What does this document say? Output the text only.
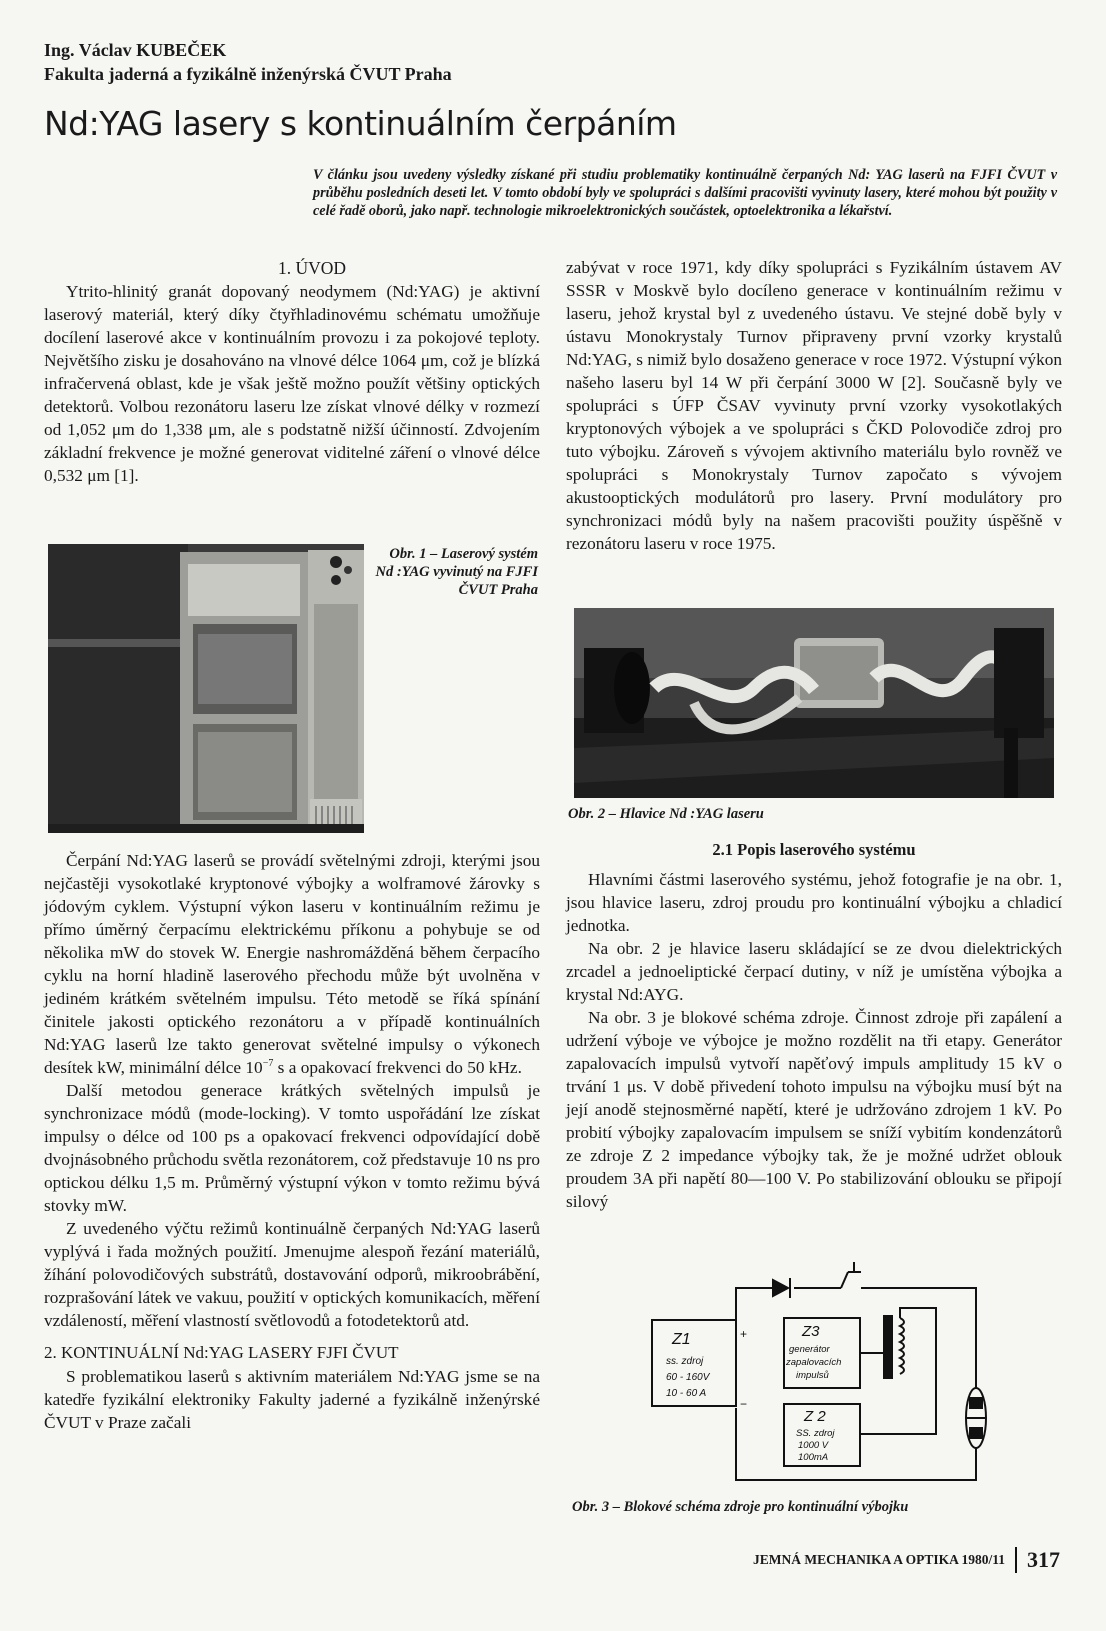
Ing. Václav KUBEČEK
Fakulta jaderná a fyzikálně inženýrská ČVUT Praha
Nd:YAG lasery s kontinuálním čerpáním

V článku jsou uvedeny výsledky získané při studiu problematiky kontinuálně čerpaných Nd: YAG laserů na FJFI ČVUT v průběhu posledních deseti let. V tomto období byly ve spolupráci s dalšími pracovišti vyvinuty lasery, které mohou být použity v celé řadě oborů, jako např. technologie mikroelektronických součástek, optoelektronika a lékařství.

1. ÚVOD

Ytrito-hlinitý granát dopovaný neodymem (Nd:YAG) je aktivní laserový materiál, který díky čtyřhladinovému schématu umožňuje docílení laserové akce v kontinuálním provozu i za pokojové teploty. Největšího zisku je dosahováno na vlnové délce 1064 μm, což je blízká infračervená oblast, kde je však ještě možno použít většiny optických detektorů. Volbou rezonátoru laseru lze získat vlnové délky v rozmezí od 1,052 μm do 1,338 μm, ale s podstatně nižší účinností. Zdvojením základní frekvence je možné generovat viditelné záření o vlnové délce 0,532 μm [1].

Obr. 1 – Laserový systém Nd :YAG vyvinutý na FJFI ČVUT Praha

Čerpání Nd:YAG laserů se provádí světelnými zdroji, kterými jsou nejčastěji vysokotlaké kryptonové výbojky a wolframové žárovky s jódovým cyklem. Výstupní výkon laseru v kontinuálním režimu je přímo úměrný čerpacímu elektrickému příkonu a pohybuje se od několika mW do stovek W. Energie nashromážděná během čerpacího cyklu na horní hladině laserového přechodu může být uvolněna v jediném krátkém světelném impulsu. Této metodě se říká spínání činitele jakosti optického rezonátoru a v případě kontinuálních Nd:YAG laserů lze takto generovat světelné impulsy o výkonech desítek kW, minimální délce $10^{-7}$ s a opakovací frekvenci do 50 kHz.

Další metodou generace krátkých světelných impulsů je synchronizace módů (mode-locking). V tomto uspořádání lze získat impulsy o délce od 100 ps a opakovací frekvenci odpovídající době dvojnásobného průchodu světla rezonátorem, což představuje 10 ns pro optickou délku 1,5 m. Průměrný výstupní výkon v tomto režimu bývá stovky mW.

Z uvedeného výčtu režimů kontinuálně čerpaných Nd:YAG laserů vyplývá i řada možných použití. Jmenujme alespoň řezání materiálů, žíhání polovodičových substrátů, dostavování odporů, mikroobrábění, rozprašování látek ve vakuu, použití v optických komunikacích, měření vzdáleností, měření vlastností světlovodů a fotodetektorů atd.

2. KONTINUÁLNÍ Nd:YAG LASERY FJFI ČVUT

S problematikou laserů s aktivním materiálem Nd:YAG jsme se na katedře fyzikální elektroniky Fakulty jaderné a fyzikálně inženýrské ČVUT v Praze začali

zabývat v roce 1971, kdy díky spolupráci s Fyzikálním ústavem AV SSSR v Moskvě bylo docíleno generace v kontinuálním režimu v laseru, jehož krystal byl z uvedeného ústavu. Ve stejné době byly v ústavu Monokrystaly Turnov připraveny první vzorky krystalů Nd:YAG, s nimiž bylo dosaženo generace v roce 1972. Výstupní výkon našeho laseru byl 14 W při čerpání 3000 W [2]. Současně byly ve spolupráci s ÚFP ČSAV vyvinuty první vzorky vysokotlakých kryptonových výbojek a ve spolupráci s ČKD Polovodiče zdroj pro tuto výbojku. Zároveň s vývojem aktivního materiálu bylo rovněž ve spolupráci s Monokrystaly Turnov započato s vývojem akustooptických modulátorů pro lasery. První modulátory pro synchronizaci módů byly na našem pracovišti použity úspěšně v rezonátoru laseru v roce 1975.

Obr. 2 – Hlavice Nd :YAG laseru
2.1 Popis laserového systému

Hlavními částmi laserového systému, jehož fotografie je na obr. 1, jsou hlavice laseru, zdroj proudu pro kontinuální výbojku a chladicí jednotka.

Na obr. 2 je hlavice laseru skládající se ze dvou dielektrických zrcadel a jednoeliptické čerpací dutiny, v níž je umístěna výbojka a krystal Nd:AYG.

Na obr. 3 je blokové schéma zdroje. Činnost zdroje při zapálení a udržení výboje ve výbojce je možno rozdělit na tři etapy. Generátor zapalovacích impulsů vytvoří napěťový impuls amplitudy 15 kV o trvání 1 μs. V době přivedení tohoto impulsu na výbojku musí být na její anodě stejnosměrné napětí, které je udržováno zdrojem 1 kV. Po probití výbojky zapalovacím impulsem se sníží vybitím kondenzátorů ze zdroje Z 2 impedance výbojky tak, že je možné udržet oblouk proudem 3A při napětí 80—100 V. Po stabilizování oblouku se připojí silový

Z1
ss. zdroj
60 - 160V
10 - 60 A
+
−
Z3
generátor
zapalovacích
impulsů
Z 2
SS. zdroj
1000 V
100mA
Obr. 3 – Blokové schéma zdroje pro kontinuální výbojku
JEMNÁ MECHANIKA A OPTIKA 1980/11 317
